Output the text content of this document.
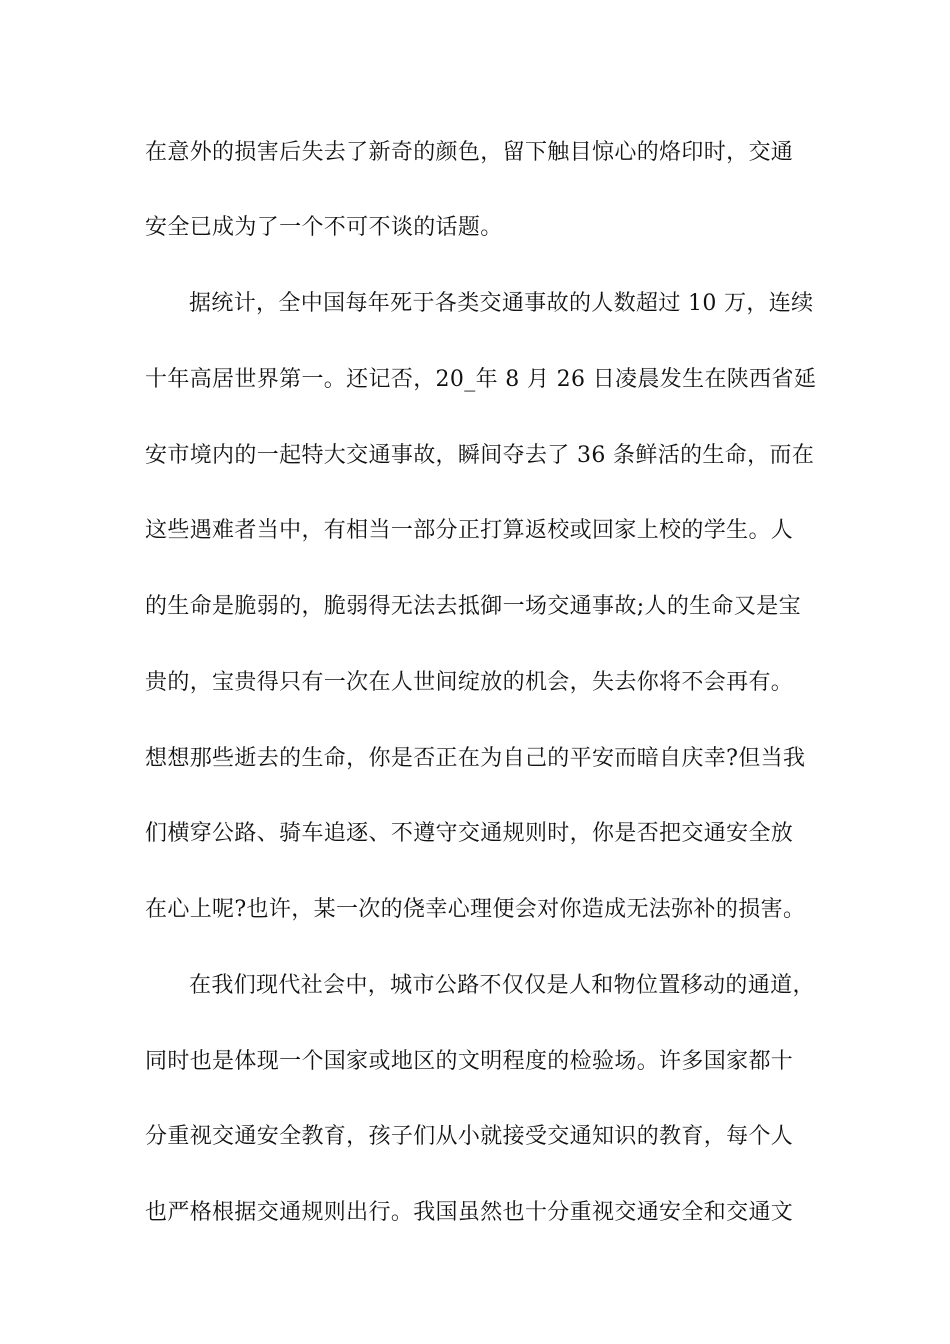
在意外的损害后失去了新奇的颜色，留下触目惊心的烙印时，交通
安全已成为了一个不可不谈的话题。
据统计，全中国每年死于各类交通事故的人数超过 10 万，连续
十年高居世界第一。还记否，20_年 8 月 26 日凌晨发生在陕西省延
安市境内的一起特大交通事故，瞬间夺去了 36 条鲜活的生命，而在
这些遇难者当中，有相当一部分正打算返校或回家上校的学生。人
的生命是脆弱的，脆弱得无法去抵御一场交通事故;人的生命又是宝
贵的，宝贵得只有一次在人世间绽放的机会，失去你将不会再有。
想想那些逝去的生命，你是否正在为自己的平安而暗自庆幸?但当我
们横穿公路、骑车追逐、不遵守交通规则时，你是否把交通安全放
在心上呢?也许，某一次的侥幸心理便会对你造成无法弥补的损害。
在我们现代社会中，城市公路不仅仅是人和物位置移动的通道，
同时也是体现一个国家或地区的文明程度的检验场。许多国家都十
分重视交通安全教育，孩子们从小就接受交通知识的教育，每个人
也严格根据交通规则出行。我国虽然也十分重视交通安全和交通文
